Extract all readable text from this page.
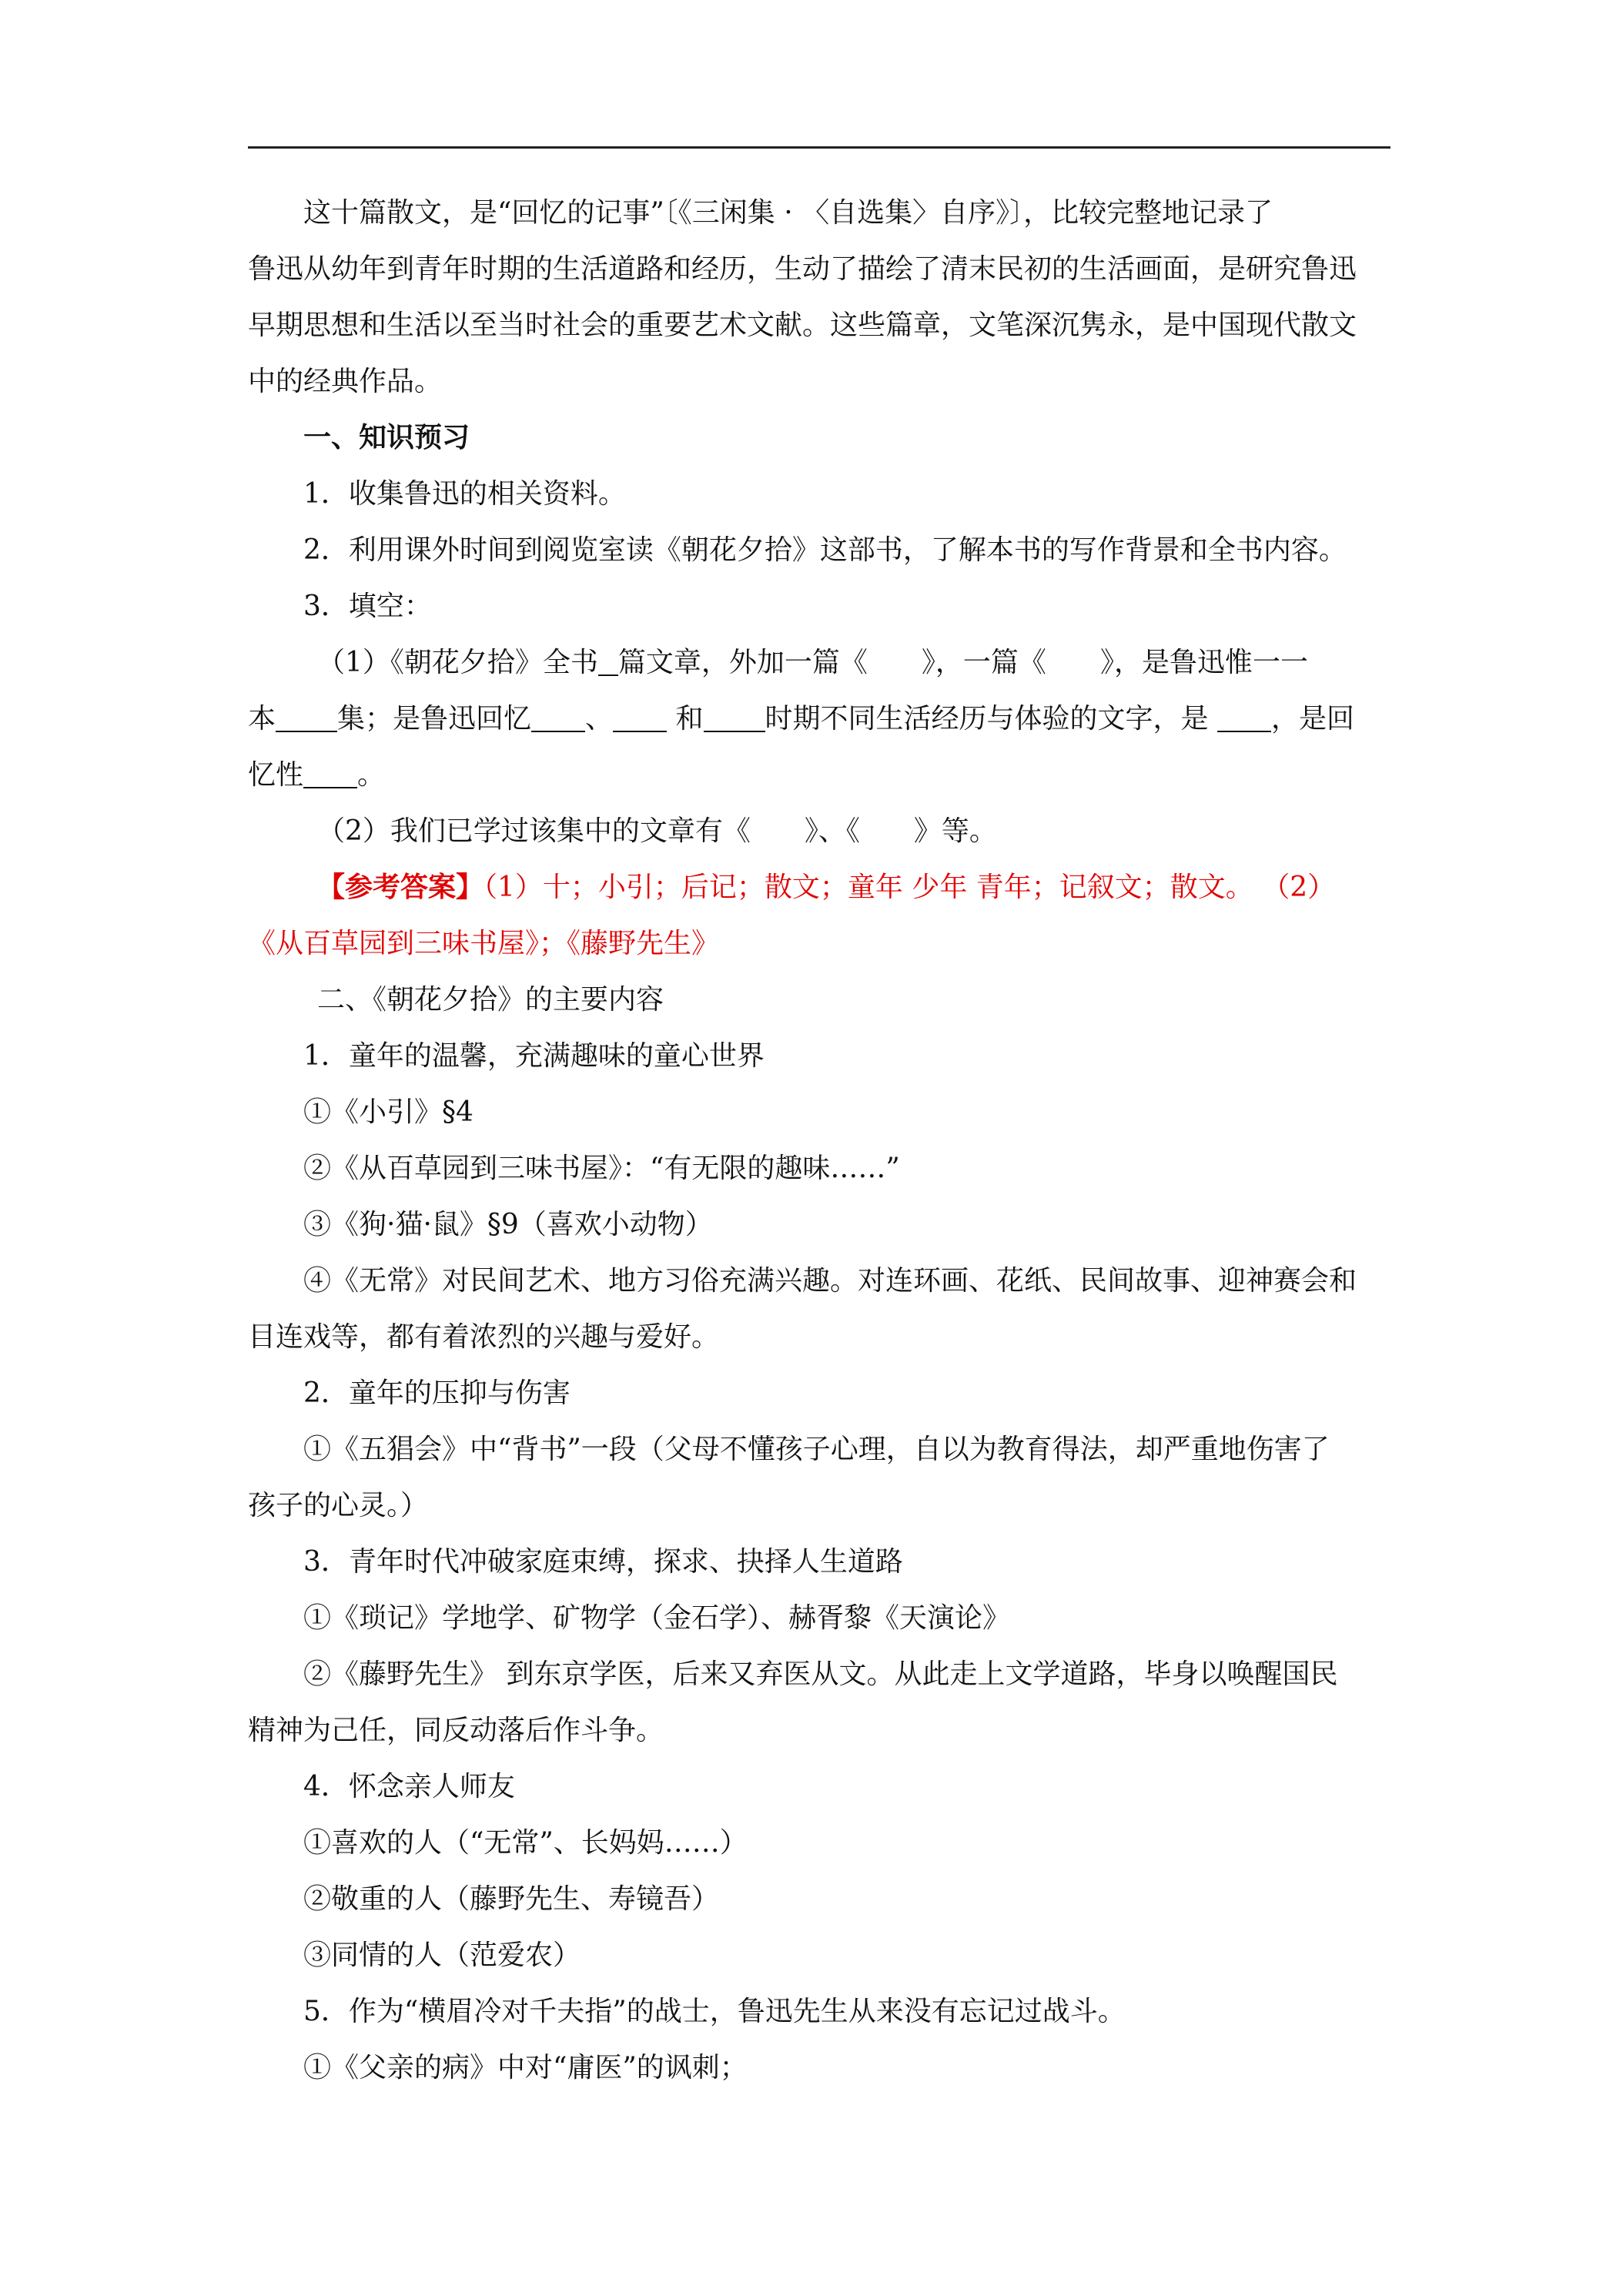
这十篇散文，是“回忆的记事”〔《三闲集 · 〈自选集〉自序》〕，比较完整地记录了

鲁迅从幼年到青年时期的生活道路和经历，生动了描绘了清末民初的生活画面，是研究鲁迅

早期思想和生活以至当时社会的重要艺术文献。这些篇章，文笔深沉隽永，是中国现代散文

中的经典作品。

一、知识预习

1．收集鲁迅的相关资料。

2．利用课外时间到阅览室读《朝花夕拾》这部书，了解本书的写作背景和全书内容。

3．填空：

（1）《朝花夕拾》全书 篇文章，外加一篇《 》，一篇《 》，是鲁迅惟一一

本 集；是鲁迅回忆 、 和 时期不同生活经历与体验的文字，是 ，是回

忆性 。

（2）我们已学过该集中的文章有《 》、《 》等。

【参考答案】（1）十；小引；后记；散文；童年 少年 青年；记叙文；散文。 （2）

《从百草园到三味书屋》；《藤野先生》

二、《朝花夕拾》的主要内容

1．童年的温馨，充满趣味的童心世界

①《小引》§4

②《从百草园到三味书屋》：“有无限的趣味……”

③《狗·猫·鼠》§9（喜欢小动物）

④《无常》对民间艺术、地方习俗充满兴趣。对连环画、花纸、民间故事、迎神赛会和

目连戏等，都有着浓烈的兴趣与爱好。

2．童年的压抑与伤害

①《五猖会》中“背书”一段（父母不懂孩子心理，自以为教育得法，却严重地伤害了

孩子的心灵。）

3．青年时代冲破家庭束缚，探求、抉择人生道路

①《琐记》学地学、矿物学（金石学）、赫胥黎《天演论》

②《藤野先生》 到东京学医，后来又弃医从文。从此走上文学道路，毕身以唤醒国民

精神为己任，同反动落后作斗争。

4．怀念亲人师友

①喜欢的人（“无常”、长妈妈……）

②敬重的人（藤野先生、寿镜吾）

③同情的人（范爱农）

5．作为“横眉冷对千夫指”的战士，鲁迅先生从来没有忘记过战斗。

①《父亲的病》中对“庸医”的讽刺；
